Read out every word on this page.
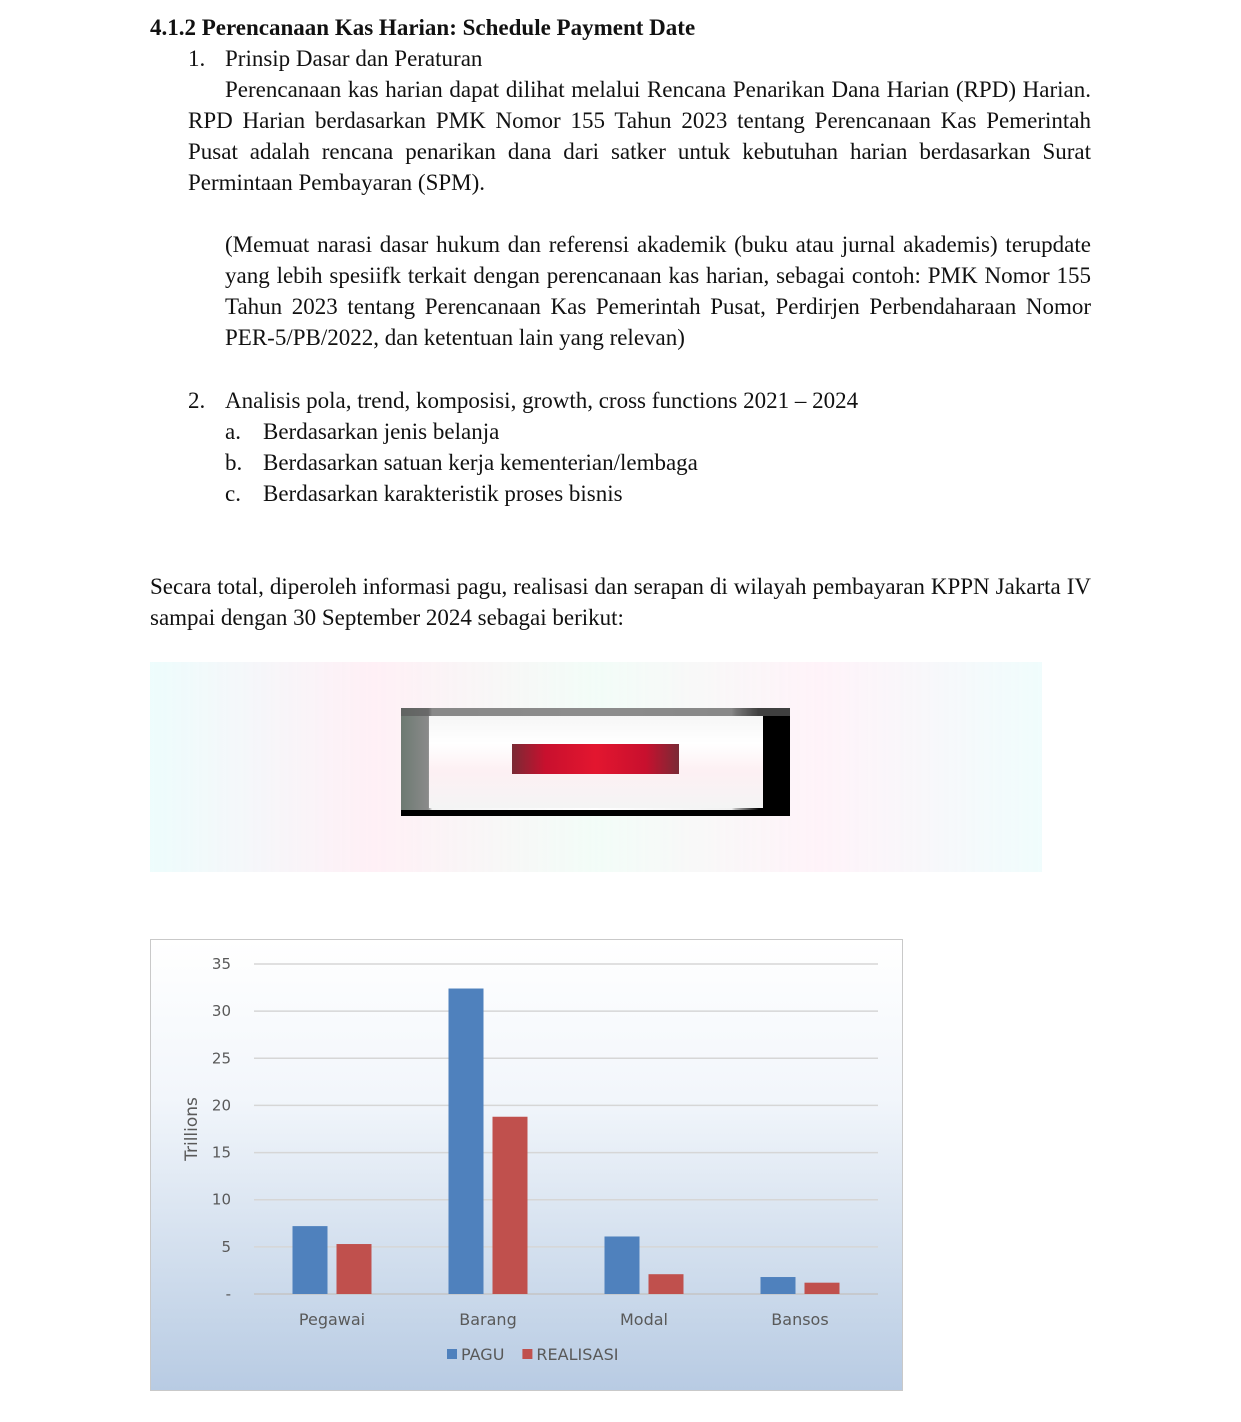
4.1.2 Perencanaan Kas Harian: Schedule Payment Date
1. Prinsip Dasar dan Peraturan
Perencanaan kas harian dapat dilihat melalui Rencana Penarikan Dana Harian (RPD) Harian. RPD Harian berdasarkan PMK Nomor 155 Tahun 2023 tentang Perencanaan Kas Pemerintah Pusat adalah rencana penarikan dana dari satker untuk kebutuhan harian berdasarkan Surat Permintaan Pembayaran (SPM).
(Memuat narasi dasar hukum dan referensi akademik (buku atau jurnal akademis) terupdate yang lebih spesiifk terkait dengan perencanaan kas harian, sebagai contoh: PMK Nomor 155 Tahun 2023 tentang Perencanaan Kas Pemerintah Pusat, Perdirjen Perbendaharaan Nomor PER-5/PB/2022, dan ketentuan lain yang relevan)
2. Analisis pola, trend, komposisi, growth, cross functions 2021 – 2024
a. Berdasarkan jenis belanja
b. Berdasarkan satuan kerja kementerian/lembaga
c. Berdasarkan karakteristik proses bisnis
Secara total, diperoleh informasi pagu, realisasi dan serapan di wilayah pembayaran KPPN Jakarta IV sampai dengan 30 September 2024 sebagai berikut:
-
5
10
15
20
25
30
35
Trillions
Pegawai	Barang	Modal	Bansos
PAGU REALISASI
